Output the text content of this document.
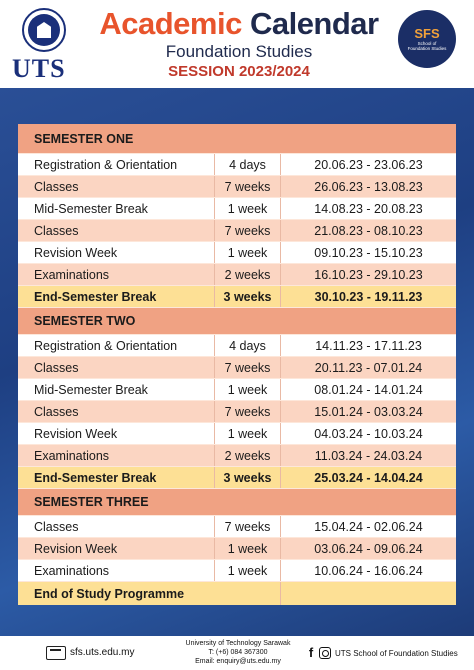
UTS
Academic Calendar
Foundation Studies
SESSION 2023/2024
SFS
School of Foundation Studies
SEMESTER ONE
Registration & Orientation	4 days	20.06.23 - 23.06.23
Classes	7 weeks	26.06.23 - 13.08.23
Mid-Semester Break	1 week	14.08.23 - 20.08.23
Classes	7 weeks	21.08.23 - 08.10.23
Revision Week	1 week	09.10.23 - 15.10.23
Examinations	2 weeks	16.10.23 - 29.10.23
End-Semester Break	3 weeks	30.10.23 - 19.11.23
SEMESTER TWO
Registration & Orientation	4 days	14.11.23 - 17.11.23
Classes	7 weeks	20.11.23 - 07.01.24
Mid-Semester Break	1 week	08.01.24 - 14.01.24
Classes	7 weeks	15.01.24 - 03.03.24
Revision Week	1 week	04.03.24 - 10.03.24
Examinations	2 weeks	11.03.24 - 24.03.24
End-Semester Break	3 weeks	25.03.24 - 14.04.24
SEMESTER THREE
Classes	7 weeks	15.04.24 - 02.06.24
Revision Week	1 week	03.06.24 - 09.06.24
Examinations	1 week	10.06.24 - 16.06.24
End of Study Programme
sfs.uts.edu.my
University of Technology Sarawak
T: (+6) 084 367300
Email: enquiry@uts.edu.my
f	UTS School of Foundation Studies
